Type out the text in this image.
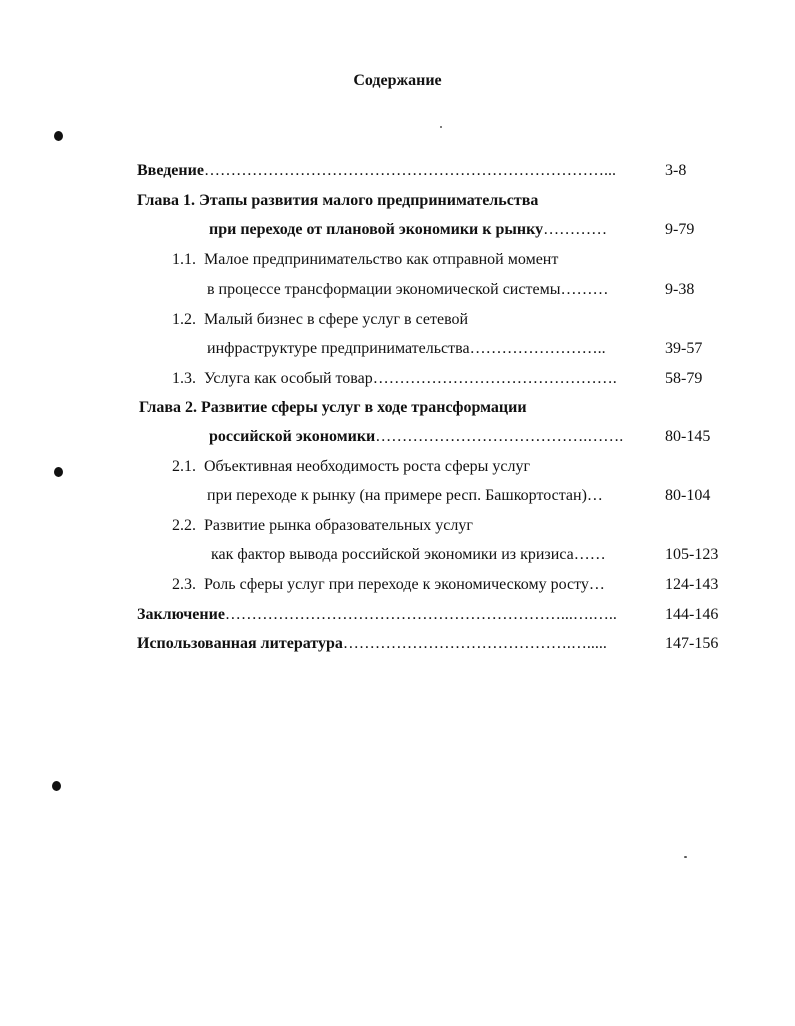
Содержание
Введение…………………………………………………………………...	3-8
Глава 1. Этапы развития малого предпринимательства
при переходе от плановой экономики к рынку…………	9-79
1.1. Малое предпринимательство как отправной момент
в процессе трансформации экономической системы………	9-38
1.2. Малый бизнес в сфере услуг в сетевой
инфраструктуре предпринимательства……………………..	39-57
1.3. Услуга как особый товар……………………………………….	58-79
Глава 2. Развитие сферы услуг в ходе трансформации
российской экономики………………………………….…….	80-145
2.1. Объективная необходимость роста сферы услуг
при переходе к рынку (на примере респ. Башкортостан)…	80-104
2.2. Развитие рынка образовательных услуг
как фактор вывода российской экономики из кризиса……	105-123
2.3. Роль сферы услуг при переходе к экономическому росту…	124-143
Заключение………………………………………………………...….…..	144-146
Использованная литература…………………………………….….....	147-156
